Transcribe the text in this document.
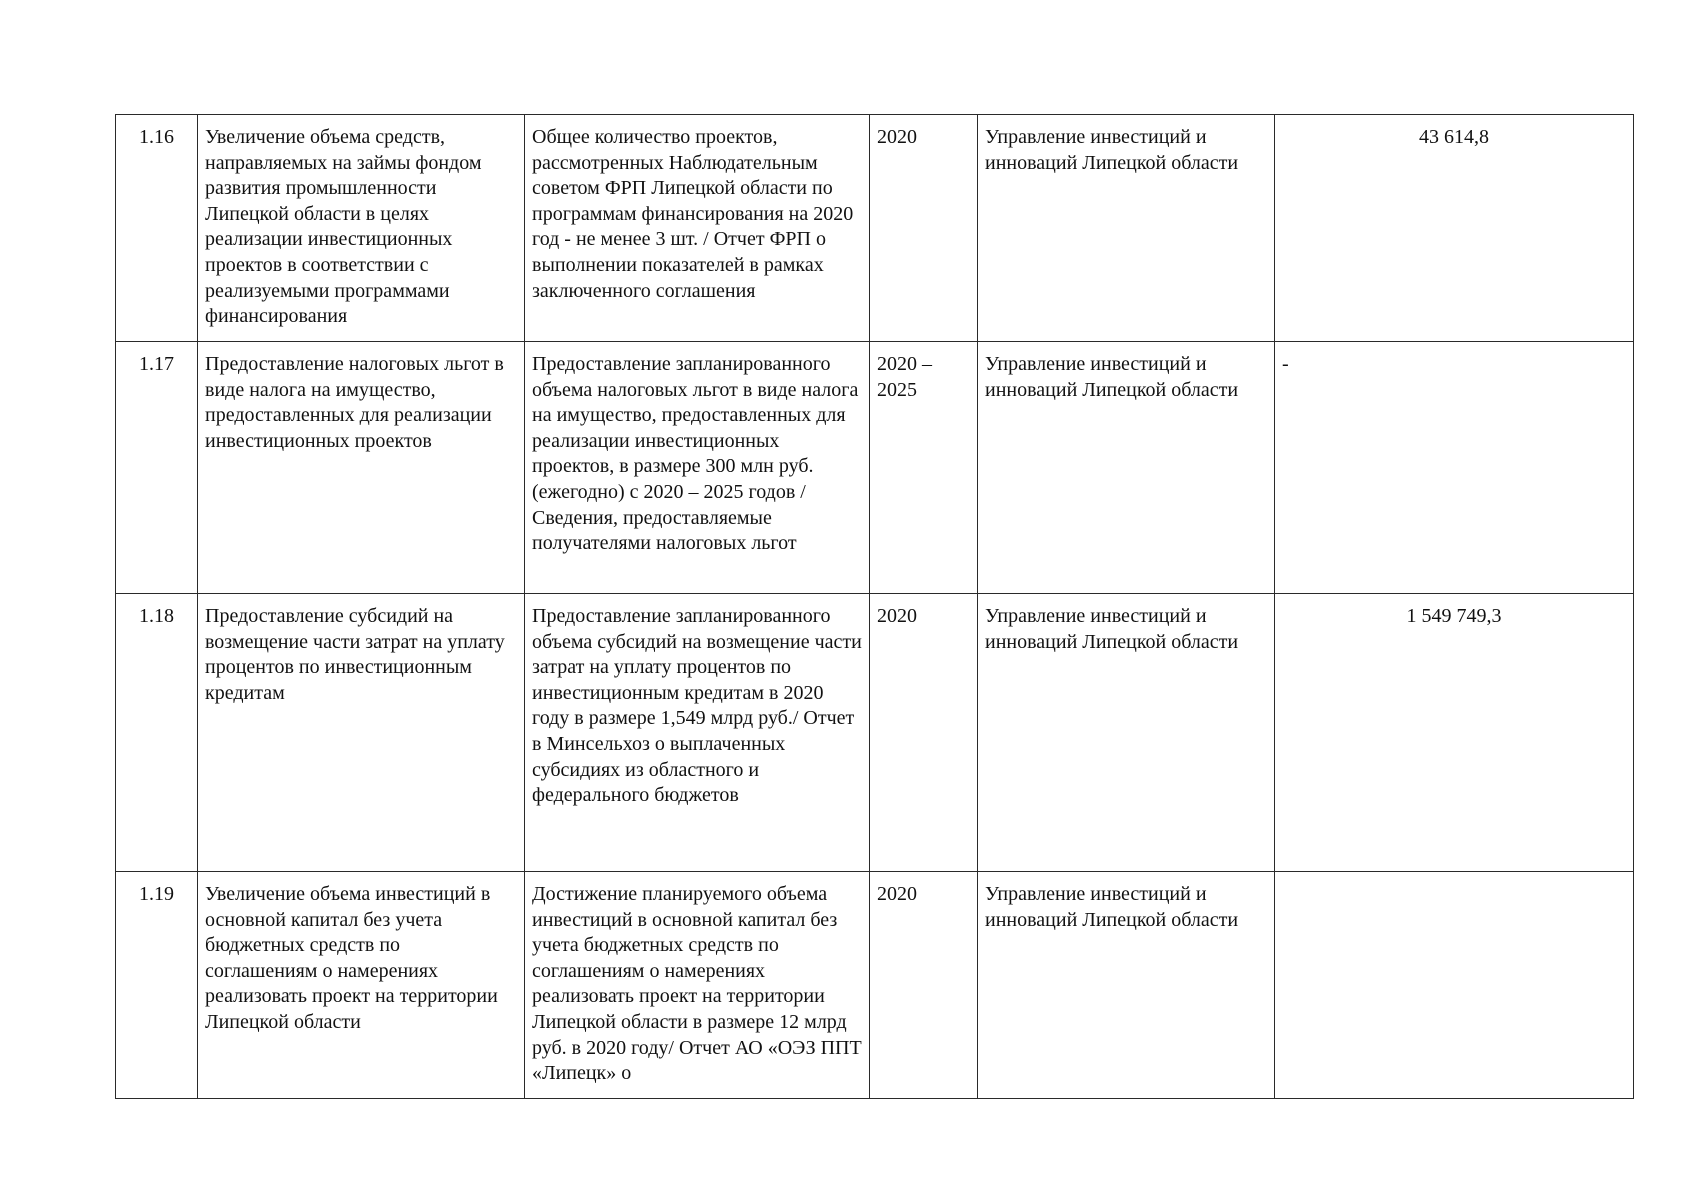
1.16	Увеличение объема средств, направляемых на займы фондом развития промышленности Липецкой области в целях реализации инвестиционных проектов в соответствии с реализуемыми программами финансирования	Общее количество проектов, рассмотренных Наблюдательным советом ФРП Липецкой области по программам финансирования на 2020 год - не менее 3 шт. / Отчет ФРП о выполнении показателей в рамках заключенного соглашения	2020	Управление инвестиций и инноваций Липецкой области	43 614,8
1.17	Предоставление налоговых льгот в виде налога на имущество, предоставленных для реализации инвестиционных проектов	Предоставление запланированного объема налоговых льгот в виде налога на имущество, предоставленных для реализации инвестиционных проектов, в размере 300 млн руб. (ежегодно) с 2020 – 2025 годов / Сведения, предоставляемые получателями налоговых льгот	2020 – 2025	Управление инвестиций и инноваций Липецкой области	-
1.18	Предоставление субсидий на возмещение части затрат на уплату процентов по инвестиционным кредитам	Предоставление запланированного объема субсидий на возмещение части затрат на уплату процентов по инвестиционным кредитам в 2020 году в размере 1,549 млрд руб./ Отчет в Минсельхоз о выплаченных субсидиях из областного и федерального бюджетов	2020	Управление инвестиций и инноваций Липецкой области	1 549 749,3
1.19	Увеличение объема инвестиций в основной капитал без учета бюджетных средств по соглашениям о намерениях реализовать проект на территории Липецкой области	Достижение планируемого объема инвестиций в основной капитал без учета бюджетных средств по соглашениям о намерениях реализовать проект на территории Липецкой области в размере 12 млрд руб. в 2020 году/ Отчет АО «ОЭЗ ППТ «Липецк» о	2020	Управление инвестиций и инноваций Липецкой области	
